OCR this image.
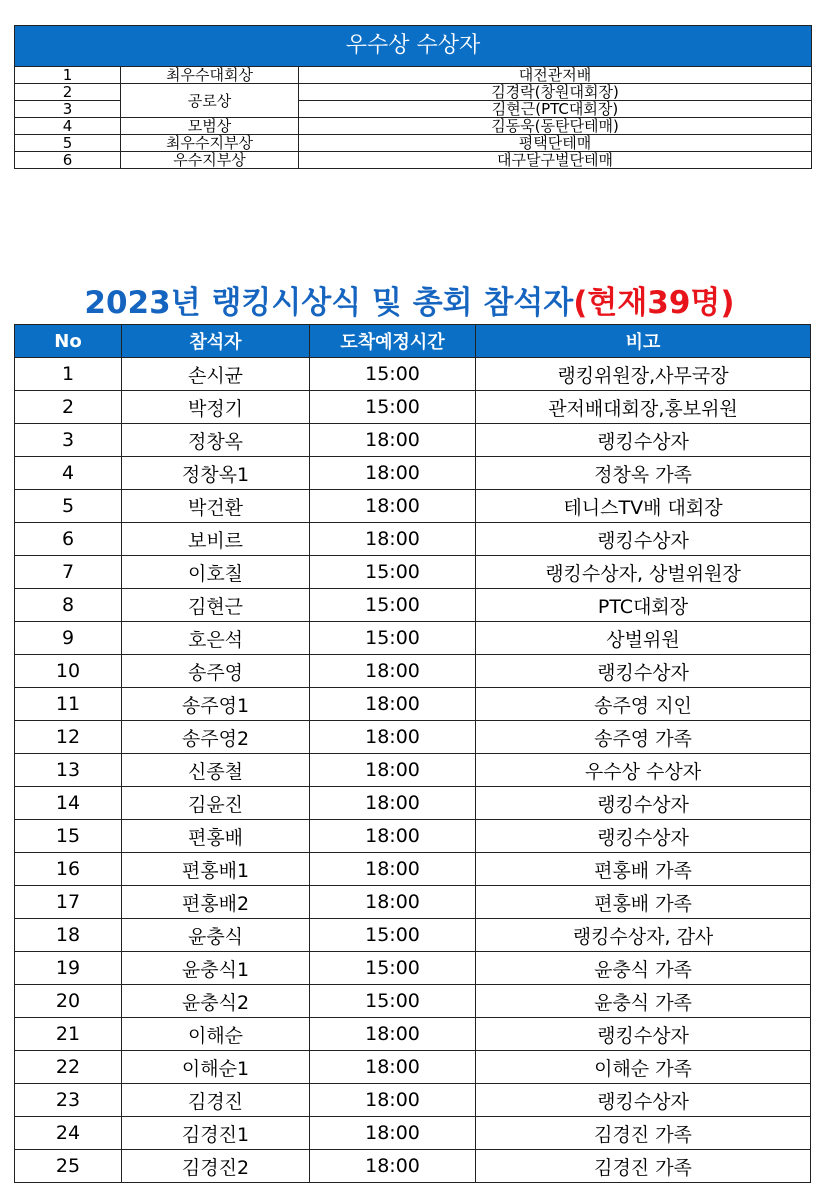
우수상 수상자		
1	최우수대회상	대전관저배
2	공로상	김경락(창원대회장)
3		김현근(PTC대회장)
4	모범상	김동욱(동탄단테매)
5	최우수지부상	평택단테매
6	우수지부상	대구달구벌단테매
2023년 랭킹시상식 및 총회 참석자(현재39명)
No	참석자	도착예정시간	비고
1	손시균	15:00	랭킹위원장,사무국장
2	박정기	15:00	관저배대회장,홍보위원
3	정창옥	18:00	랭킹수상자
4	정창옥1	18:00	정창옥 가족
5	박건환	18:00	테니스TV배 대회장
6	보비르	18:00	랭킹수상자
7	이호칠	15:00	랭킹수상자, 상벌위원장
8	김현근	15:00	PTC대회장
9	호은석	15:00	상벌위원
10	송주영	18:00	랭킹수상자
11	송주영1	18:00	송주영 지인
12	송주영2	18:00	송주영 가족
13	신종철	18:00	우수상 수상자
14	김윤진	18:00	랭킹수상자
15	편홍배	18:00	랭킹수상자
16	편홍배1	18:00	편홍배 가족
17	편홍배2	18:00	편홍배 가족
18	윤충식	15:00	랭킹수상자, 감사
19	윤충식1	15:00	윤충식 가족
20	윤충식2	15:00	윤충식 가족
21	이해순	18:00	랭킹수상자
22	이해순1	18:00	이해순 가족
23	김경진	18:00	랭킹수상자
24	김경진1	18:00	김경진 가족
25	김경진2	18:00	김경진 가족
